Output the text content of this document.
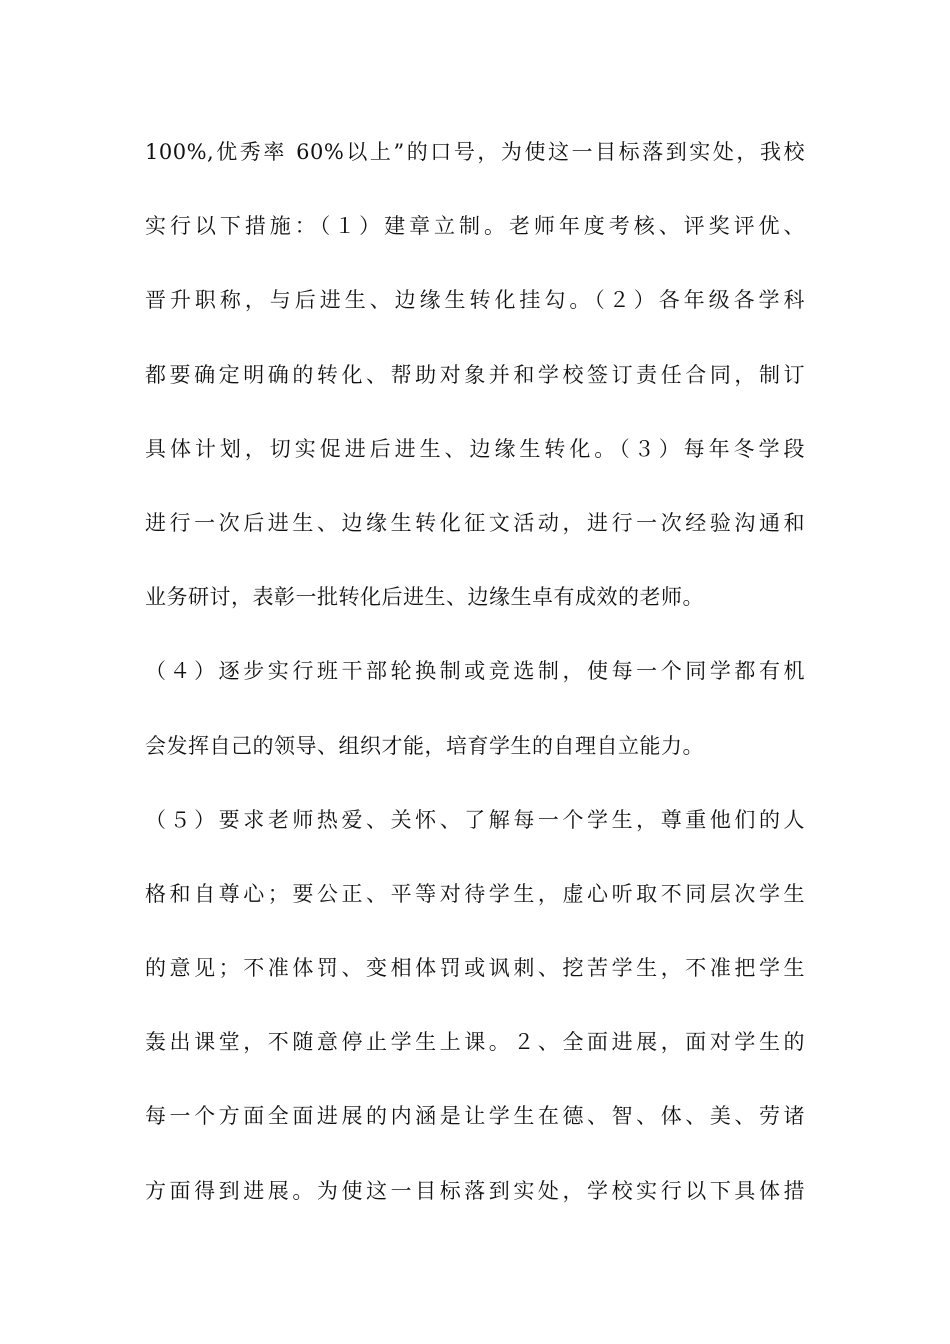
100%,优秀率 60%以上”的口号，为使这一目标落到实处，我校
实行以下措施：（１）建章立制。老师年度考核、评奖评优、
晋升职称，与后进生、边缘生转化挂勾。（２）各年级各学科
都要确定明确的转化、帮助对象并和学校签订责任合同，制订
具体计划，切实促进后进生、边缘生转化。（３）每年冬学段
进行一次后进生、边缘生转化征文活动，进行一次经验沟通和
业务研讨，表彰一批转化后进生、边缘生卓有成效的老师。
（４）逐步实行班干部轮换制或竞选制，使每一个同学都有机
会发挥自己的领导、组织才能，培育学生的自理自立能力。
（５）要求老师热爱、关怀、了解每一个学生，尊重他们的人
格和自尊心；要公正、平等对待学生，虚心听取不同层次学生
的意见；不准体罚、变相体罚或讽刺、挖苦学生，不准把学生
轰出课堂，不随意停止学生上课。２、全面进展，面对学生的
每一个方面全面进展的内涵是让学生在德、智、体、美、劳诸
方面得到进展。为使这一目标落到实处，学校实行以下具体措
